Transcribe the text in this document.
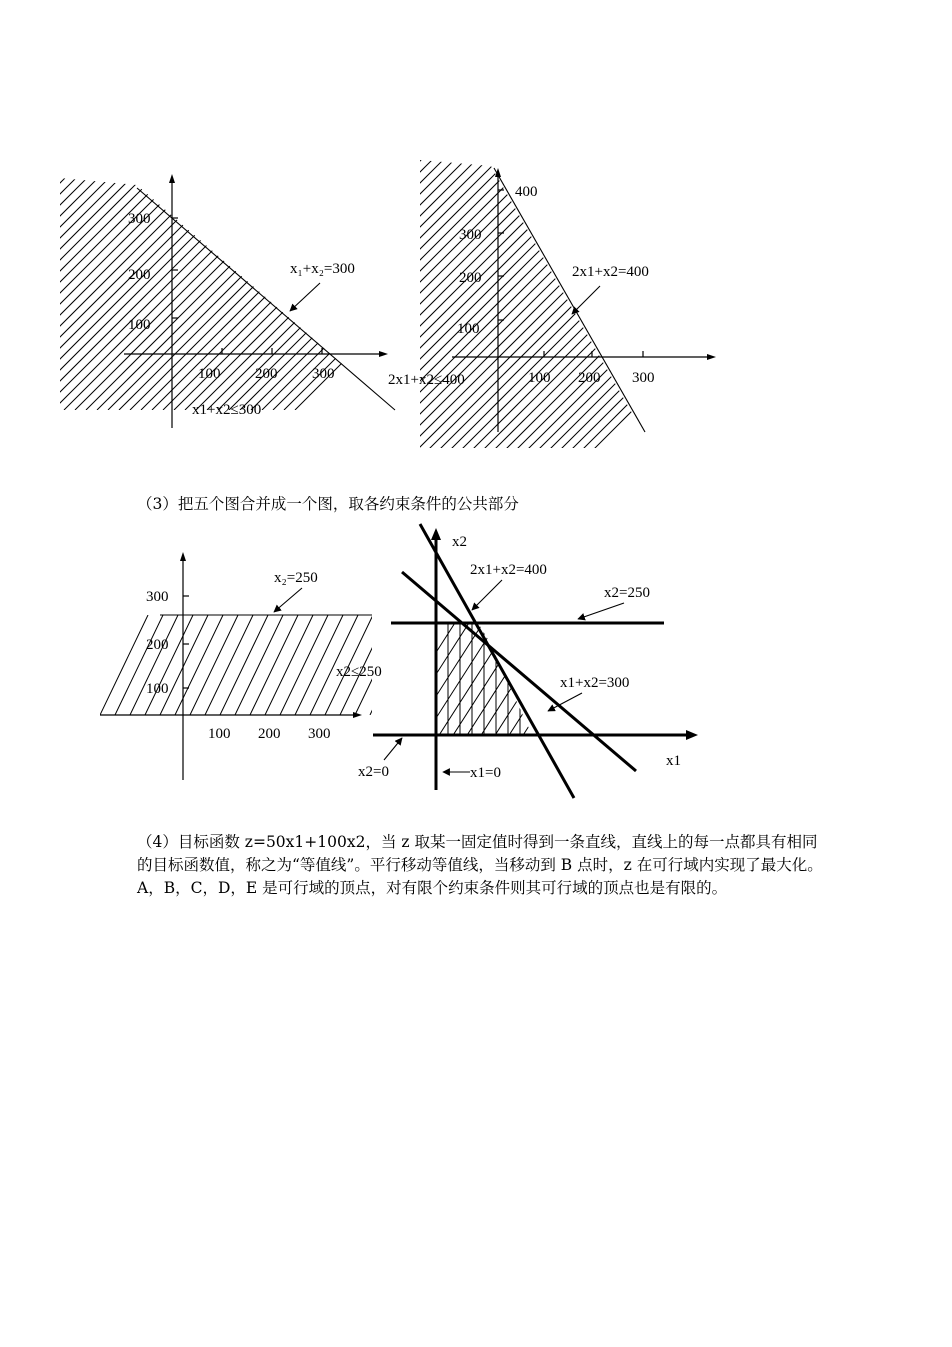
300
200
100
100 200 300
x₁+x₂=300
x1+x2≤300
400
300
200
100
100 200 300
2x1+x2=400
2x1+x2≤400

（3）把五个图合并成一个图，取各约束条件的公共部分

300
200
100
100 200 300
x₂=250
x2≤250
x2
x1
2x1+x2=400
x2=250
x1+x2=300
x2=0	x1=0

（4）目标函数 z=50x1+100x2，当 z 取某一固定值时得到一条直线，直线上的每一点都具有相同的目标函数值，称之为“等值线”。平行移动等值线，当移动到 B 点时，z 在可行域内实现了最大化。A，B，C，D，E 是可行域的顶点，对有限个约束条件则其可行域的顶点也是有限的。
